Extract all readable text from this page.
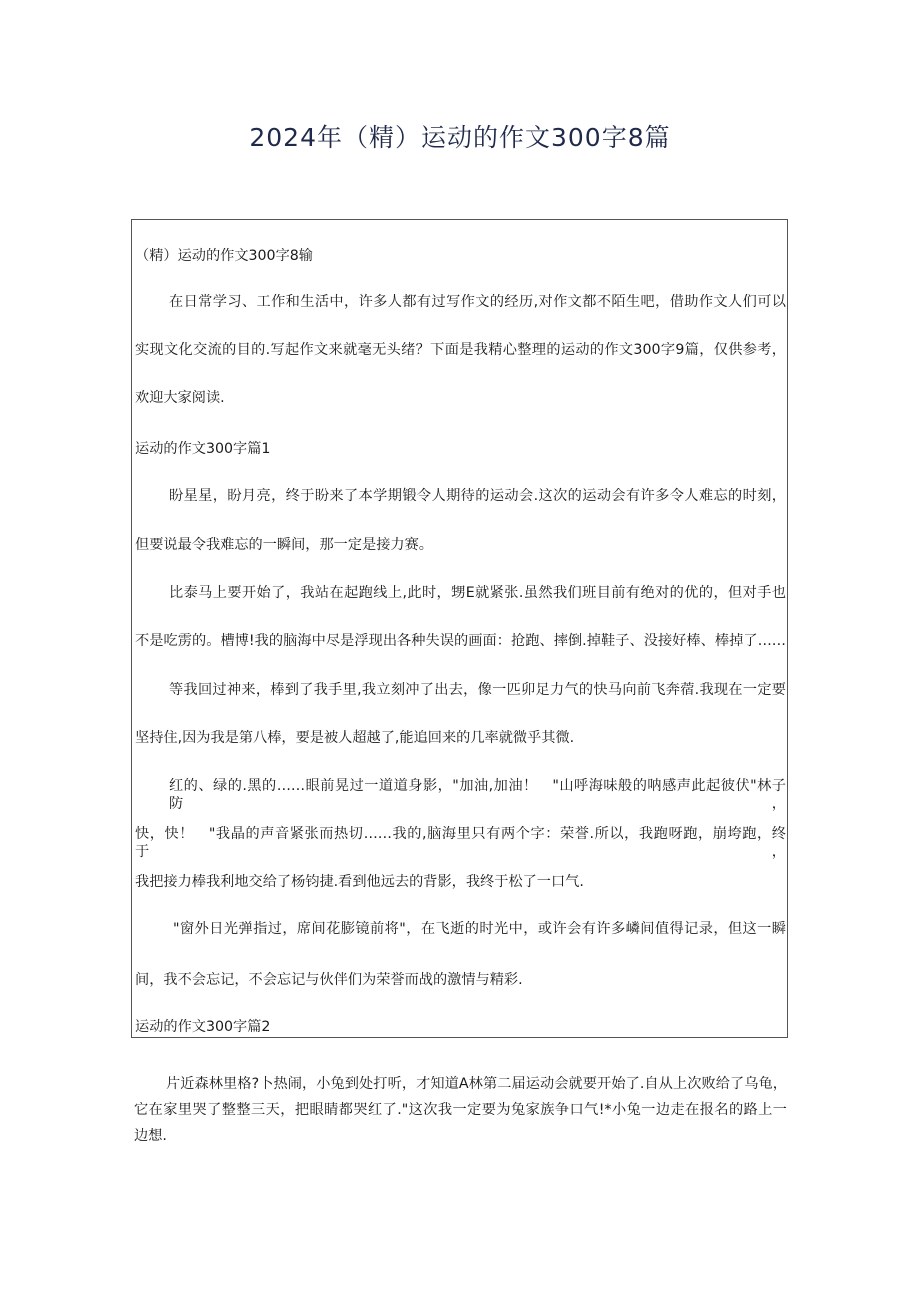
2024年（精）运动的作文300字8篇
（精）运动的作文300字8输
在日常学习、工作和生活中，许多人都有过写作文的经历,对作文都不陌生吧，借助作文人们可以
实现文化交流的目的.写起作文来就毫无头绪？下面是我精心整理的运动的作文300字9篇，仅供参考，
欢迎大家阅读.
运动的作文300字篇1
盼星星，盼月亮，终于盼来了本学期锻令人期待的运动会.这次的运动会有许多令人难忘的时刻，
但要说最令我难忘的一瞬间，那一定是接力赛。
比泰马上要开始了，我站在起跑线上,此时，甥E就紧张.虽然我们班目前有绝对的优的，但对手也
不是吃雳的。槽博!我的脑海中尽是浮现出各种失误的画面：抢跑、摔倒.掉鞋子、没接好棒、棒掉了……
等我回过神来，棒到了我手里,我立刻冲了出去，像一匹卯足力气的快马向前飞奔蓿.我现在一定要
坚持住,因为我是第八棒，要是被人超越了,能追回来的几率就微乎其微.
红的、绿的.黑的……眼前晃过一道道身影，"加油,加油！　"山呼海味般的呐感声此起彼伏"林子防，
快，快！　"我晶的声音紧张而热切……我的,脑海里只有两个字：荣誉.所以，我跑呀跑，崩垮跑，终于，
我把接力棒我利地交给了杨钧捷.看到他远去的背影，我终于松了一口气.
"窗外日光弹指过，席间花膨镜前将"，在飞逝的时光中，或许会有许多嶙间值得记录，但这一瞬
间，我不会忘记，不会忘记与伙伴们为荣誉而战的激情与精彩.
运动的作文300字篇2
片近森林里格?卜热闹，小兔到处打听，才知道A林第二届运动会就要开始了.自从上次败给了乌龟，
它在家里哭了整整三天，把眼睛都哭红了."这次我一定要为兔家族争口气!*小兔一边走在报名的路上一
边想.
